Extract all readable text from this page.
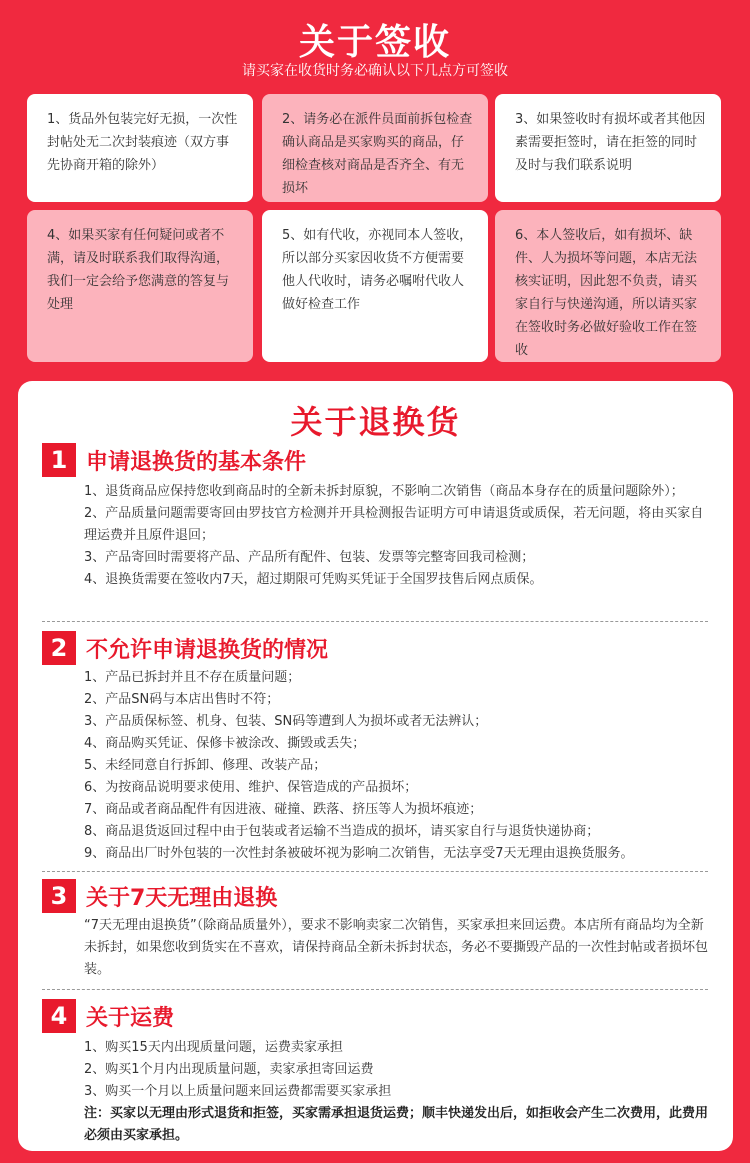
关于签收
请买家在收货时务必确认以下几点方可签收
1、货品外包装完好无损，一次性封帖处无二次封装痕迹（双方事先协商开箱的除外）
2、请务必在派件员面前拆包检查确认商品是买家购买的商品，仔细检查核对商品是否齐全、有无损坏
3、如果签收时有损坏或者其他因素需要拒签时，请在拒签的同时及时与我们联系说明
4、如果买家有任何疑问或者不满，请及时联系我们取得沟通，我们一定会给予您满意的答复与处理
5、如有代收，亦视同本人签收，所以部分买家因收货不方便需要他人代收时，请务必嘱咐代收人做好检查工作
6、本人签收后，如有损坏、缺件、人为损坏等问题，本店无法核实证明，因此恕不负责，请买家自行与快递沟通，所以请买家在签收时务必做好验收工作在签收
关于退换货
1 申请退换货的基本条件

1、退货商品应保持您收到商品时的全新未拆封原貌，不影响二次销售（商品本身存在的质量问题除外）；

2、产品质量问题需要寄回由罗技官方检测并开具检测报告证明方可申请退货或质保，若无问题，将由买家自理运费并且原件退回；

3、产品寄回时需要将产品、产品所有配件、包装、发票等完整寄回我司检测；

4、退换货需要在签收内7天，超过期限可凭购买凭证于全国罗技售后网点质保。

2 不允许申请退换货的情况

1、产品已拆封并且不存在质量问题；

2、产品SN码与本店出售时不符；

3、产品质保标签、机身、包装、SN码等遭到人为损坏或者无法辨认；

4、商品购买凭证、保修卡被涂改、撕毁或丢失；

5、未经同意自行拆卸、修理、改装产品；

6、为按商品说明要求使用、维护、保管造成的产品损坏；

7、商品或者商品配件有因进液、碰撞、跌落、挤压等人为损坏痕迹；

8、商品退货返回过程中由于包装或者运输不当造成的损坏，请买家自行与退货快递协商；

9、商品出厂时外包装的一次性封条被破坏视为影响二次销售，无法享受7天无理由退换货服务。

3 关于7天无理由退换

“7天无理由退换货”（除商品质量外），要求不影响卖家二次销售，买家承担来回运费。本店所有商品均为全新未拆封，如果您收到货实在不喜欢，请保持商品全新未拆封状态，务必不要撕毁产品的一次性封帖或者损坏包装。

4 关于运费

1、购买15天内出现质量问题，运费卖家承担

2、购买1个月内出现质量问题，卖家承担寄回运费

3、购买一个月以上质量问题来回运费都需要买家承担

注：买家以无理由形式退货和拒签，买家需承担退货运费；顺丰快递发出后，如拒收会产生二次费用，此费用必须由买家承担。
